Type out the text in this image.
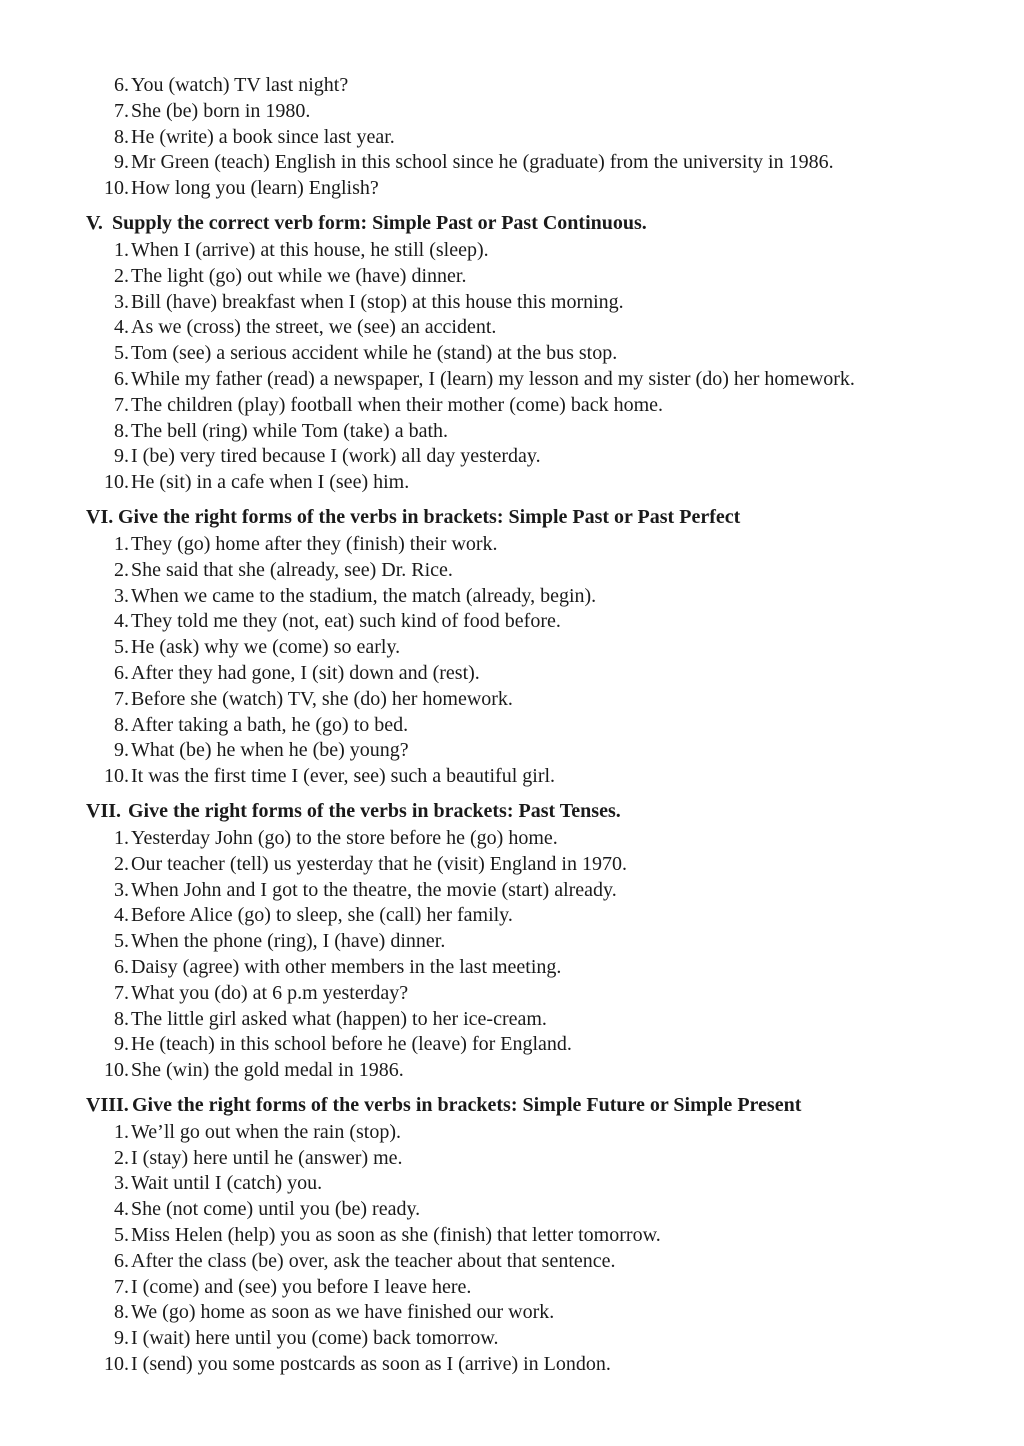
6. You (watch) TV last night?
7. She (be) born in 1980.
8. He (write) a book since last year.
9. Mr Green (teach) English in this school since he (graduate) from the university in 1986.
10. How long you (learn) English?
V. Supply the correct verb form: Simple Past or Past Continuous.
1. When I (arrive) at this house, he still (sleep).
2. The light (go) out while we (have) dinner.
3. Bill (have) breakfast when I (stop) at this house this morning.
4. As we (cross) the street, we (see) an accident.
5. Tom (see) a serious accident while he (stand) at the bus stop.
6. While my father (read) a newspaper, I (learn) my lesson and my sister (do) her homework.
7. The children (play) football when their mother (come) back home.
8. The bell (ring) while Tom (take) a bath.
9. I (be) very tired because I (work) all day yesterday.
10. He (sit) in a cafe when I (see) him.
VI. Give the right forms of the verbs in brackets: Simple Past or Past Perfect
1. They (go) home after they (finish) their work.
2. She said that she (already, see) Dr. Rice.
3. When we came to the stadium, the match (already, begin).
4. They told me they (not, eat) such kind of food before.
5. He (ask) why we (come) so early.
6. After they had gone, I (sit) down and (rest).
7. Before she (watch) TV, she (do) her homework.
8. After taking a bath, he (go) to bed.
9. What (be) he when he (be) young?
10. It was the first time I (ever, see) such a beautiful girl.
VII. Give the right forms of the verbs in brackets: Past Tenses.
1. Yesterday John (go) to the store before he (go) home.
2. Our teacher (tell) us yesterday that he (visit) England in 1970.
3. When John and I got to the theatre, the movie (start) already.
4. Before Alice (go) to sleep, she (call) her family.
5. When the phone (ring), I (have) dinner.
6. Daisy (agree) with other members in the last meeting.
7. What you (do) at 6 p.m yesterday?
8. The little girl asked what (happen) to her ice-cream.
9. He (teach) in this school before he (leave) for England.
10. She (win) the gold medal in 1986.
VIII. Give the right forms of the verbs in brackets: Simple Future or Simple Present
1. We’ll go out when the rain (stop).
2. I (stay) here until he (answer) me.
3. Wait until I (catch) you.
4. She (not come) until you (be) ready.
5. Miss Helen (help) you as soon as she (finish) that letter tomorrow.
6. After the class (be) over, ask the teacher about that sentence.
7. I (come) and (see) you before I leave here.
8. We (go) home as soon as we have finished our work.
9. I (wait) here until you (come) back tomorrow.
10. I (send) you some postcards as soon as I (arrive) in London.
